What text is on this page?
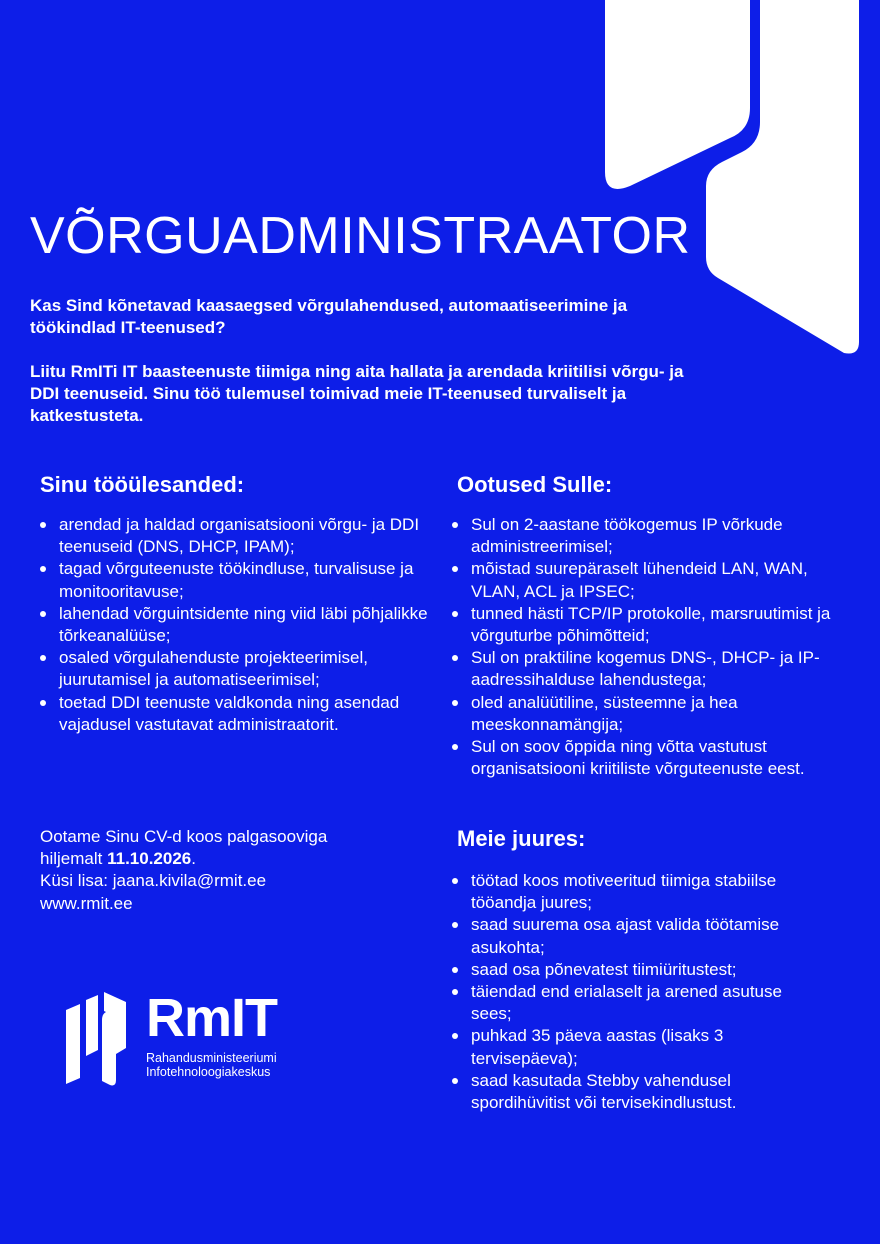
VÕRGUADMINISTRAATOR

Kas Sind kõnetavad kaasaegsed võrgulahendused, automaatiseerimine ja töökindlad IT-teenused?

Liitu RmITi IT baasteenuste tiimiga ning aita hallata ja arendada kriitilisi võrgu- ja DDI teenuseid. Sinu töö tulemusel toimivad meie IT-teenused turvaliselt ja katkestusteta.

Sinu tööülesanded:
arendad ja haldad organisatsiooni võrgu- ja DDI teenuseid (DNS, DHCP, IPAM);
tagad võrguteenuste töökindluse, turvalisuse ja monitooritavuse;
lahendad võrguintsidente ning viid läbi põhjalikke tõrkeanalüüse;
osaled võrgulahenduste projekteerimisel, juurutamisel ja automatiseerimisel;
toetad DDI teenuste valdkonda ning asendad vajadusel vastutavat administraatorit.
Ootused Sulle:
Sul on 2-aastane töökogemus IP võrkude administreerimisel;
mõistad suurepäraselt lühendeid LAN, WAN, VLAN, ACL ja IPSEC;
tunned hästi TCP/IP protokolle, marsruutimist ja võrguturbe põhimõtteid;
Sul on praktiline kogemus DNS-, DHCP- ja IP-aadressihalduse lahendustega;
oled analüütiline, süsteemne ja hea meeskonnamängija;
Sul on soov õppida ning võtta vastutust organisatsiooni kriitiliste võrguteenuste eest.
Ootame Sinu CV-d koos palgasooviga
hiljemalt 11.10.2026.
Küsi lisa: jaana.kivila@rmit.ee
www.rmit.ee
Meie juures:
töötad koos motiveeritud tiimiga stabiilse tööandja juures;
saad suurema osa ajast valida töötamise asukohta;
saad osa põnevatest tiimiüritustest;
täiendad end erialaselt ja arened asutuse sees;
puhkad 35 päeva aastas (lisaks 3 tervisepäeva);
saad kasutada Stebby vahendusel spordihüvitist või tervisekindlustust.
RmIT
Rahandusministeeriumi
Infotehnoloogiakeskus
